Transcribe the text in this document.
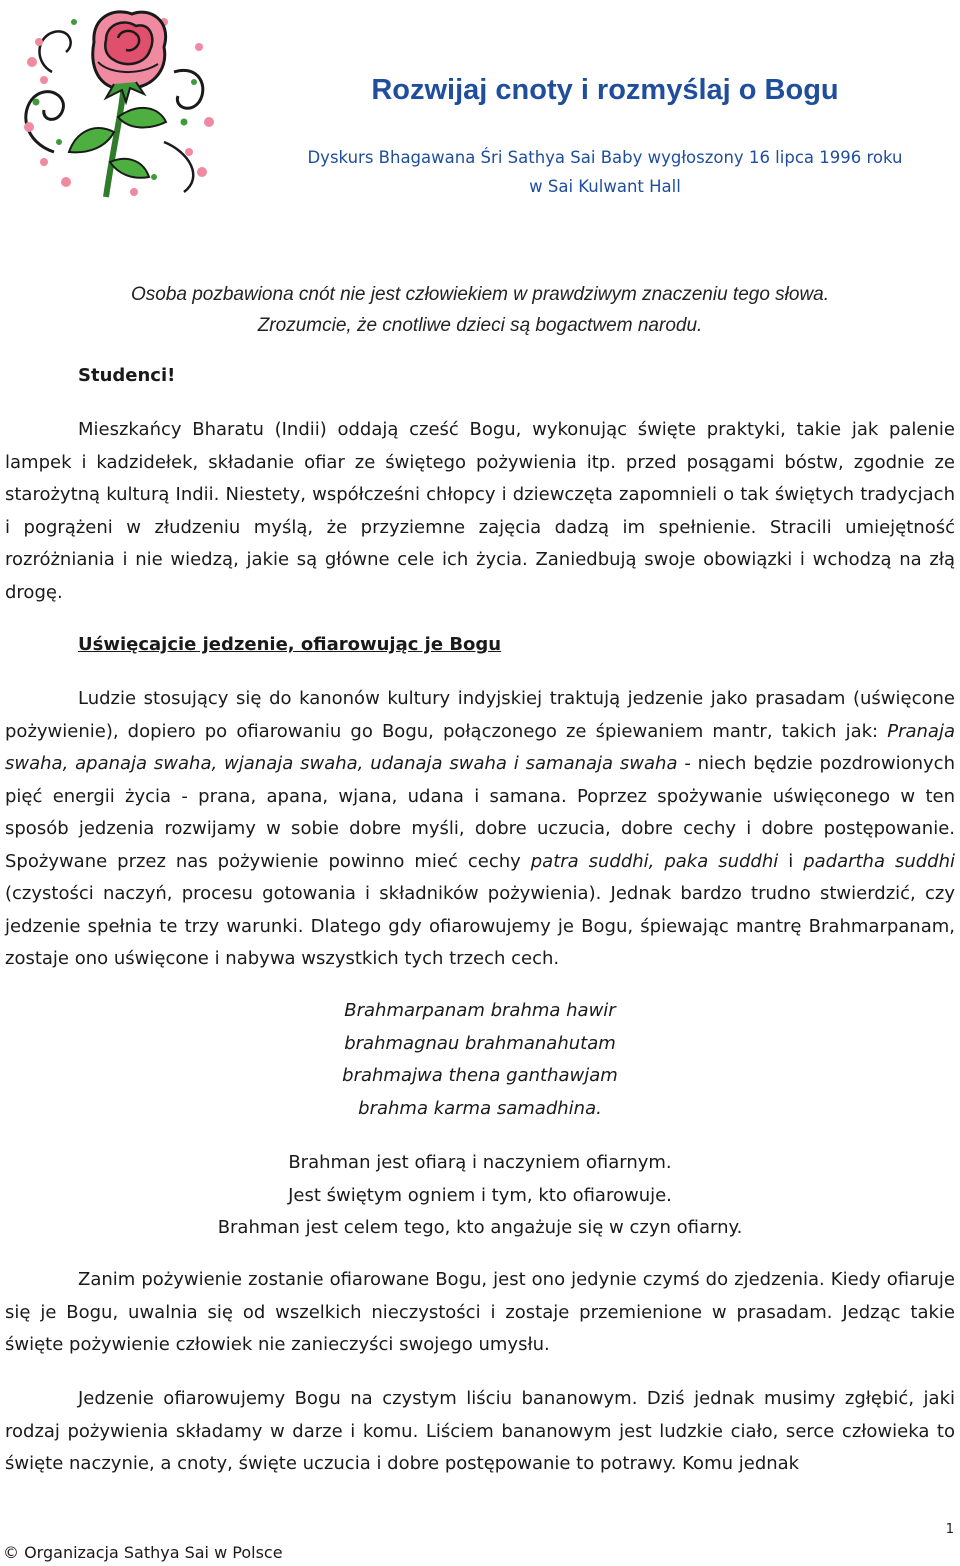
Rozwijaj cnoty i rozmyślaj o Bogu
Dyskurs Bhagawana Śri Sathya Sai Baby wygłoszony 16 lipca 1996 roku
w Sai Kulwant Hall
Osoba pozbawiona cnót nie jest człowiekiem w prawdziwym znaczeniu tego słowa.
Zrozumcie, że cnotliwe dzieci są bogactwem narodu.
Studenci!

Mieszkańcy Bharatu (Indii) oddają cześć Bogu, wykonując święte praktyki, takie jak palenie lampek i kadzidełek, składanie ofiar ze świętego pożywienia itp. przed posągami bóstw, zgodnie ze starożytną kulturą Indii. Niestety, współcześni chłopcy i dziewczęta zapomnieli o tak świętych tradycjach i pogrążeni w złudzeniu myślą, że przyziemne zajęcia dadzą im spełnienie. Stracili umiejętność rozróżniania i nie wiedzą, jakie są główne cele ich życia. Zaniedbują swoje obowiązki i wchodzą na złą drogę.

Uświęcajcie jedzenie, ofiarowując je Bogu

Ludzie stosujący się do kanonów kultury indyjskiej traktują jedzenie jako prasadam (uświęcone pożywienie), dopiero po ofiarowaniu go Bogu, połączonego ze śpiewaniem mantr, takich jak: Pranaja swaha, apanaja swaha, wjanaja swaha, udanaja swaha i samanaja swaha - niech będzie pozdrowionych pięć energii życia - prana, apana, wjana, udana i samana. Poprzez spożywanie uświęconego w ten sposób jedzenia rozwijamy w sobie dobre myśli, dobre uczucia, dobre cechy i dobre postępowanie. Spożywane przez nas pożywienie powinno mieć cechy patra suddhi, paka suddhi i padartha suddhi (czystości naczyń, procesu gotowania i składników pożywienia). Jednak bardzo trudno stwierdzić, czy jedzenie spełnia te trzy warunki. Dlatego gdy ofiarowujemy je Bogu, śpiewając mantrę Brahmarpanam, zostaje ono uświęcone i nabywa wszystkich tych trzech cech.

Brahmarpanam brahma hawir
brahmagnau brahmanahutam
brahmajwa thena ganthawjam
brahma karma samadhina.
Brahman jest ofiarą i naczyniem ofiarnym.
Jest świętym ogniem i tym, kto ofiarowuje.
Brahman jest celem tego, kto angażuje się w czyn ofiarny.

Zanim pożywienie zostanie ofiarowane Bogu, jest ono jedynie czymś do zjedzenia. Kiedy ofiaruje się je Bogu, uwalnia się od wszelkich nieczystości i zostaje przemienione w prasadam. Jedząc takie święte pożywienie człowiek nie zanieczyści swojego umysłu.

Jedzenie ofiarowujemy Bogu na czystym liściu bananowym. Dziś jednak musimy zgłębić, jaki rodzaj pożywienia składamy w darze i komu. Liściem bananowym jest ludzkie ciało, serce człowieka to święte naczynie, a cnoty, święte uczucia i dobre postępowanie to potrawy. Komu jednak

1
© Organizacja Sathya Sai w Polsce
